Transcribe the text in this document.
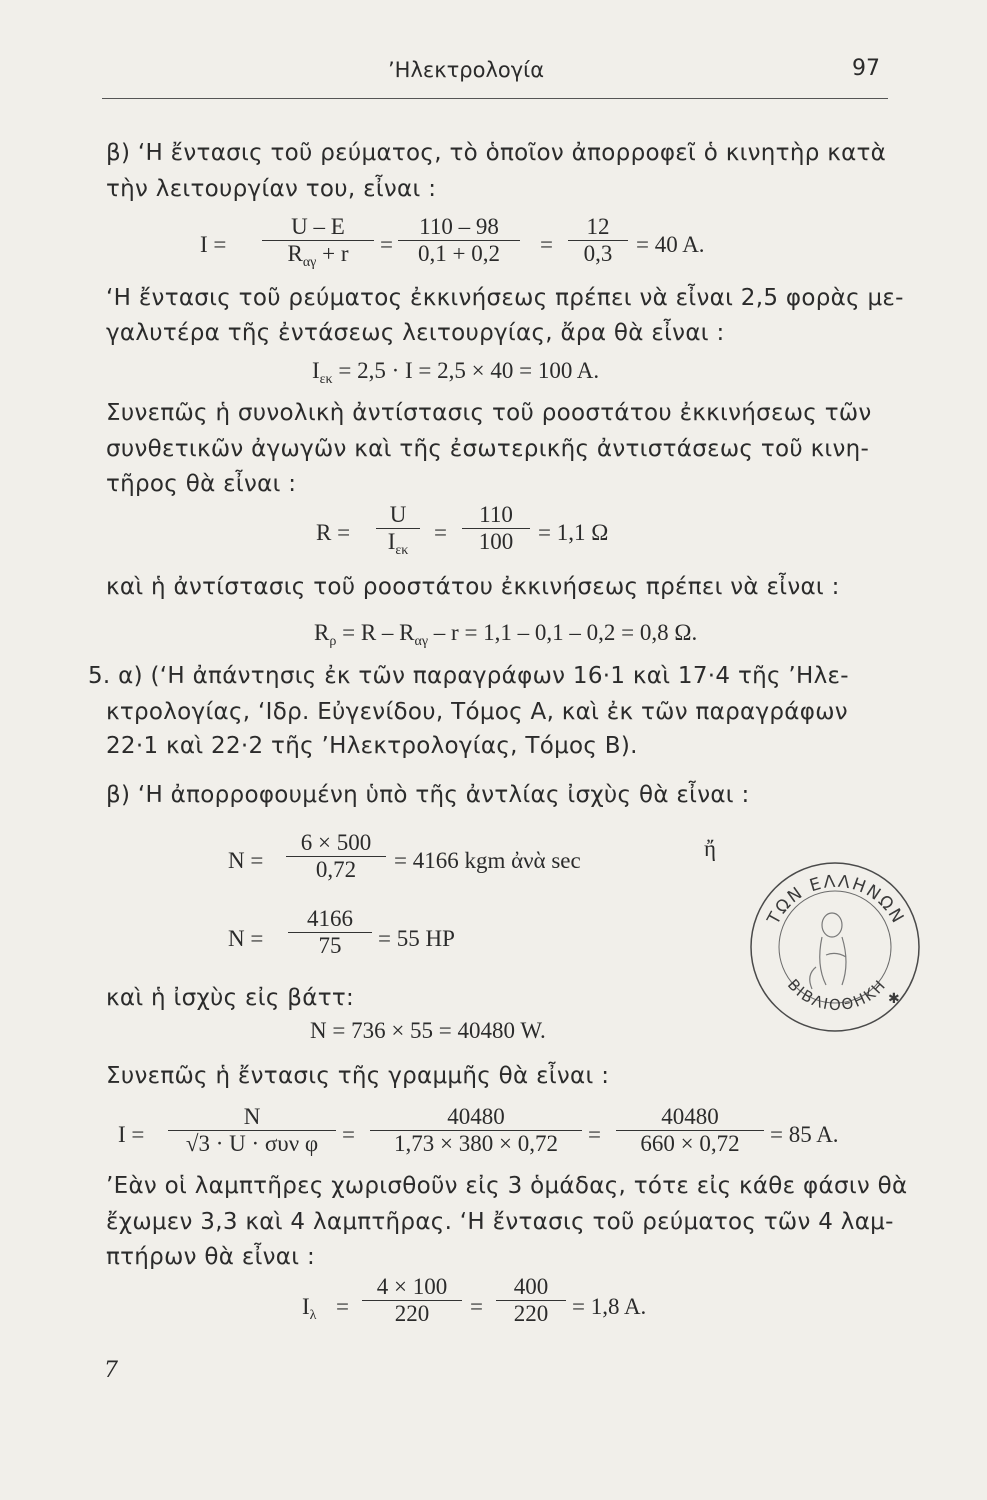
’Ηλεκτρολογία	97
β) ‘Η ἔντασις τοῦ ρεύματος, τὸ ὁποῖον ἀπορροφεῖ ὁ κινητὴρ κατὰ
τὴν λειτουργίαν του, εἶναι :
I =
U – E
$R_{\alpha\gamma} + r$	= $\frac{110 - 98}{0,1 + 0,2} = \frac{12}{0,3} = 40$ A.
‘Η ἔντασις τοῦ ρεύματος ἐκκινήσεως πρέπει νὰ εἶναι 2,5 φορὰς με-
γαλυτέρα τῆς ἐντάσεως λειτουργίας, ἄρα θὰ εἶναι :
$I_{\varepsilon\kappa} = 2,5 \cdot I = 2,5 \times 40 = 100$ A.
Συνεπῶς ἡ συνολικὴ ἀντίστασις τοῦ ροοστάτου ἐκκινήσεως τῶν
συνθετικῶν ἀγωγῶν καὶ τῆς ἐσωτερικῆς ἀντιστάσεως τοῦ κινη-
τῆρος θὰ εἶναι :
R =
U
$I_{\varepsilon\kappa}$
= $\frac{110}{100} = 1,1$ Ω
καὶ ἡ ἀντίστασις τοῦ ροοστάτου ἐκκινήσεως πρέπει νὰ εἶναι :
$R_\rho = R - R_{\alpha\gamma} - r = 1,1 - 0,1 - 0,2 = 0,8$ Ω.
5. α) (‘Η ἀπάντησις ἐκ τῶν παραγράφων 16·1 καὶ 17·4 τῆς ’Ηλε-
κτρολογίας, ‘Ιδρ. Εὐγενίδου, Τόμος Α, καὶ ἐκ τῶν παραγράφων
22·1 καὶ 22·2 τῆς ’Ηλεκτρολογίας, Τόμος Β).
β) ‘Η ἀπορροφουμένη ὑπὸ τῆς ἀντλίας ἰσχὺς θὰ εἶναι :
$N = \frac{6 \times 500}{0,72} = 4166$ kgm ἀνὰ sec	ἤ
$N = \frac{4166}{75} = 55$ HP
καὶ ἡ ἰσχὺς εἰς βάττ:
N = 736 × 55 = 40480 W.
Συνεπῶς ἡ ἔντασις τῆς γραμμῆς θὰ εἶναι :
I =
N
√3 · U · συν φ	= $\frac{40480}{1,73 \times 380 \times 0,72} = \frac{40480}{660 \times 0,72} = 85$ A.
’Εὰν οἱ λαμπτῆρες χωρισθοῦν εἰς 3 ὁμάδας, τότε εἰς κάθε φάσιν θὰ
ἔχωμεν 3,3 καὶ 4 λαμπτῆρας. ‘Η ἔντασις τοῦ ρεύματος τῶν 4 λαμ-
πτήρων θὰ εἶναι :
$I_\lambda = \frac{4 \times 100}{220} = \frac{400}{220} = 1,8$ A.
ΤΩΝ ΕΛΛΗΝΩΝ
ΒΙΒΛΙΟΘΗΚΗ
✱
7
